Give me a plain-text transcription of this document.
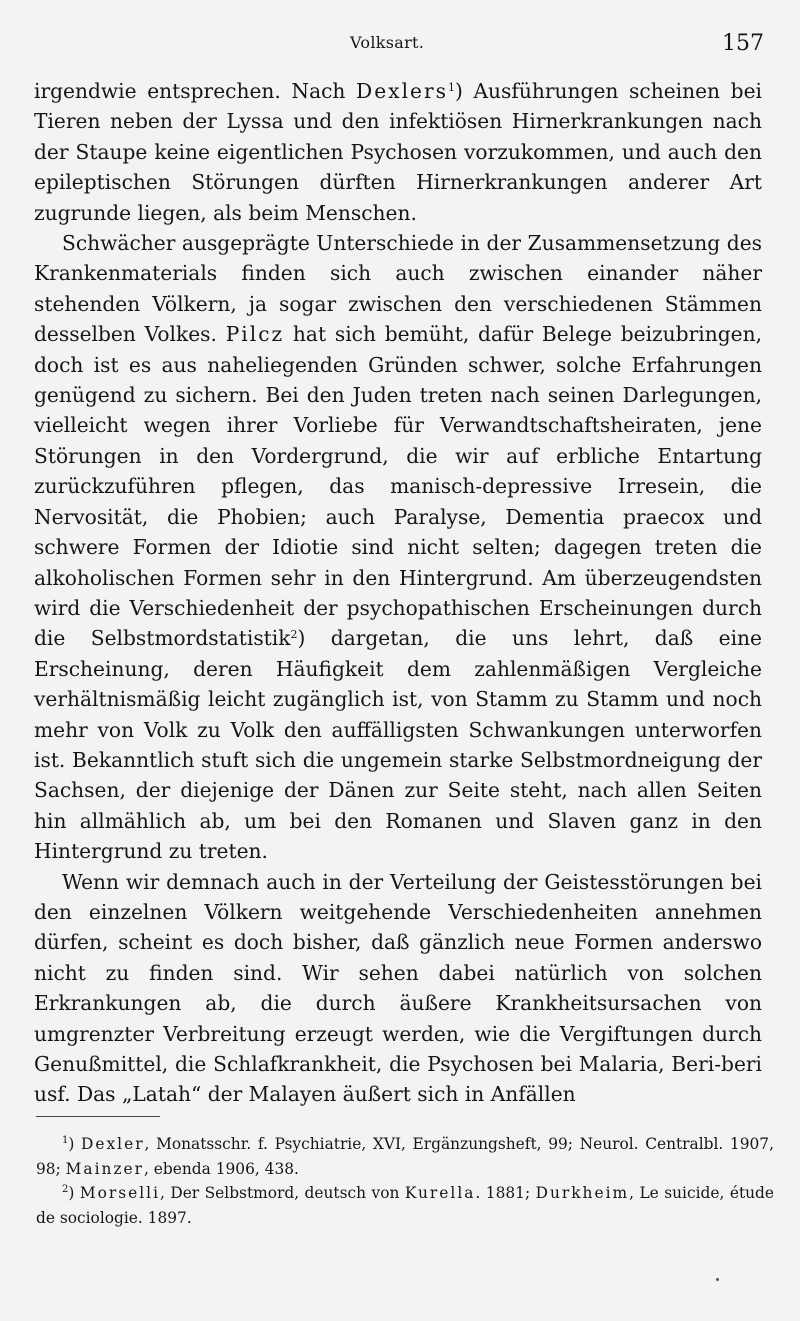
Volksart.	157

irgendwie entsprechen. Nach Dexlers$^1$) Ausführungen scheinen bei Tieren neben der Lyssa und den infektiösen Hirnerkrankungen nach der Staupe keine eigentlichen Psychosen vorzukommen, und auch den epileptischen Störungen dürften Hirnerkrankungen anderer Art zugrunde liegen, als beim Menschen.

Schwächer ausgeprägte Unterschiede in der Zusammensetzung des Krankenmaterials finden sich auch zwischen einander näher stehenden Völkern, ja sogar zwischen den verschiedenen Stämmen desselben Volkes. Pilcz hat sich bemüht, dafür Belege beizubringen, doch ist es aus naheliegenden Gründen schwer, solche Erfahrungen genügend zu sichern. Bei den Juden treten nach seinen Darlegungen, vielleicht wegen ihrer Vorliebe für Verwandtschaftsheiraten, jene Störungen in den Vordergrund, die wir auf erbliche Entartung zurückzuführen pflegen, das manisch-depressive Irresein, die Nervosität, die Phobien; auch Paralyse, Dementia praecox und schwere Formen der Idiotie sind nicht selten; dagegen treten die alkoholischen Formen sehr in den Hintergrund. Am überzeugendsten wird die Verschiedenheit der psychopathischen Erscheinungen durch die Selbstmordstatistik$^2$) dargetan, die uns lehrt, daß eine Erscheinung, deren Häufigkeit dem zahlenmäßigen Vergleiche verhältnismäßig leicht zugänglich ist, von Stamm zu Stamm und noch mehr von Volk zu Volk den auffälligsten Schwankungen unterworfen ist. Bekanntlich stuft sich die ungemein starke Selbstmordneigung der Sachsen, der diejenige der Dänen zur Seite steht, nach allen Seiten hin allmählich ab, um bei den Romanen und Slaven ganz in den Hintergrund zu treten.

Wenn wir demnach auch in der Verteilung der Geistesstörungen bei den einzelnen Völkern weitgehende Verschiedenheiten annehmen dürfen, scheint es doch bisher, daß gänzlich neue Formen anderswo nicht zu finden sind. Wir sehen dabei natürlich von solchen Erkrankungen ab, die durch äußere Krankheitsursachen von umgrenzter Verbreitung erzeugt werden, wie die Vergiftungen durch Genußmittel, die Schlafkrankheit, die Psychosen bei Malaria, Beri-beri usf. Das „Latah“ der Malayen äußert sich in Anfällen

$^1$) Dexler, Monatsschr. f. Psychiatrie, XVI, Ergänzungsheft, 99; Neurol. Centralbl. 1907, 98; Mainzer, ebenda 1906, 438.

$^2$) Morselli, Der Selbstmord, deutsch von Kurella. 1881; Durkheim, Le suicide, étude de sociologie. 1897.
